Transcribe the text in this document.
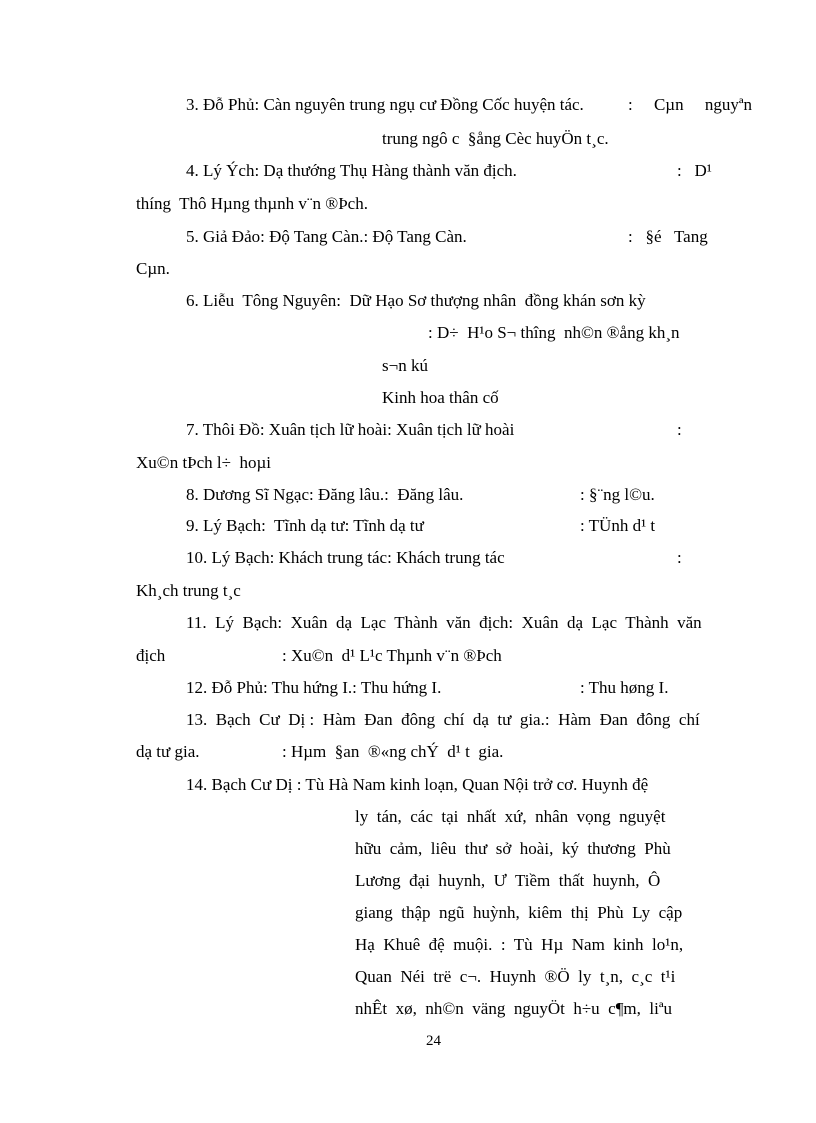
3. Đỗ Phủ: Càn nguyên trung ngụ cư Đồng Cốc huyện tác.	:     Cµn     nguyªn
trung ngô c  §ång Cèc huyÖn t¸c.
4. Lý Ých: Dạ thướng Thụ Hàng thành văn địch.	:   D¹
thíng  Thô Hµng thµnh v¨n ®Þch.
5. Giả Đảo: Độ Tang Càn.: Độ Tang Càn.	:   §é   Tang
Cµn.
6. Liễu  Tông Nguyên:  Dữ Hạo Sơ thượng nhân  đồng khán sơn kỳ
: D÷  H¹o S¬ thîng  nh©n ®ång kh¸n
s¬n kú
Kinh hoa thân cố
7. Thôi Đồ: Xuân tịch lữ hoài: Xuân tịch lữ hoài	:
Xu©n tÞch l÷  hoµi
8. Dương Sĩ Ngạc: Đăng lâu.:  Đăng lâu.	: §¨ng l©u.
9. Lý Bạch:  Tĩnh dạ tư: Tĩnh dạ tư	: TÜnh d¹ t
10. Lý Bạch: Khách trung tác: Khách trung tác	:
Kh¸ch trung t¸c
11.  Lý  Bạch:  Xuân  dạ  Lạc  Thành  văn  địch:  Xuân  dạ  Lạc  Thành  văn
địch	: Xu©n  d¹ L¹c Thµnh v¨n ®Þch
12. Đỗ Phủ: Thu hứng I.: Thu hứng I.	: Thu høng I.
13.  Bạch  Cư  Dị :  Hàm  Đan  đông  chí  dạ  tư  gia.:  Hàm  Đan  đông  chí
dạ tư gia.	: Hµm  §an  ®«ng chÝ  d¹ t  gia.
14. Bạch Cư Dị : Tù Hà Nam kinh loạn, Quan Nội trở cơ. Huynh đệ
ly  tán,  các  tại  nhất  xứ,  nhân  vọng  nguyệt
hữu  cảm,  liêu  thư  sở  hoài,  ký  thương  Phù
Lương  đại  huynh,  Ư  Tiềm  thất  huynh,  Ô
giang  thập  ngũ  huỳnh,  kiêm  thị  Phù  Ly  cập
Hạ  Khuê  đệ  muội.  :  Tù  Hµ  Nam  kinh  lo¹n,
Quan  Néi  trë  c¬.  Huynh  ®Ö  ly  t¸n,  c¸c  t¹i
nhÊt  xø,  nh©n  väng  nguyÖt  h÷u  c¶m,  liªu
24
